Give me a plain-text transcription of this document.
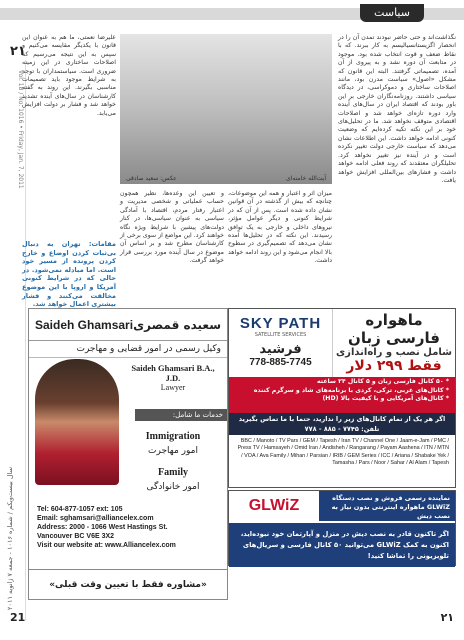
سیاست
۲۱
سال بیست‌ویکم / شماره ۱۰۱۶ - جمعه ۷ ژانویه ۲۰۱۱
Vol. 18 / No. 1016 • Friday, Jan. 7, 2011
نگذاشت‌اند و حتی حاضر نبودند تمدن آن را در انحصار اگزیستانسیالیسم به کار ببرند. که با نقاط ضعف و قوت انتخاب شده بود. موجود در متابعت آن دوره نشد و به پیروی از آن آمده، تصمیماتی گرفتند. البته این قانون که مشکل «اصول» سیاست مدرن بود، مانند اصلاحات ساختاری و دموکراسی، در دیدگاه سیاسی داشتند. روزنامه‌نگاران خارجی بر این باور بودند که اقتصاد ایران در سال‌های آینده وارد دوره تازه‌ای خواهد شد و اصلاحات اقتصادی متوقف نخواهد شد. ما در تحلیل‌های خود بر این نکته تکیه کرده‌ایم که وضعیت کنونی ادامه خواهد داشت. این اطلاعات نشان می‌دهد که سیاست خارجی دولت تغییر نکرده است و در آینده نیز تغییر نخواهد کرد. تحلیلگران معتقدند که روند فعلی ادامه خواهد داشت و فشارهای بین‌المللی افزایش خواهد یافت.
عکس: سعید صادقی	آیت‌الله خامنه‌ای
میزان اثر و اعتبار و همه این موضوعات، چنانچه که بیش از گذشته در آن قوانین نشان داده شده است. پس از آن که در شرایط کنونی و دیگر عوامل مؤثر، نیروهای داخلی و خارجی به یک توافق رسیدند. این نکته که در تحلیل‌ها آمده نشان می‌دهد که تصمیم‌گیری در سطوح بالا انجام می‌شود و این روند ادامه خواهد داشت.
و تعیین این وعده‌ها، نظیر همچون حساب عملیاتی و شخصی مدیریت و اعتبار رفتار مردم، اقتصاد با آمادگی سیاسی به عنوان سیاسی‌ها، در کنار دولت‌های پیشین با شرایط ویژه نگاه خواهند کرد. این مواضع از سوی برخی از کارشناسان مطرح شد و بر اساس آن موضوع در سال آینده مورد بررسی قرار خواهد گرفت.
علیرضا نعمتی، ما هم به عنوان این قانون با یکدیگر مقایسه می‌کنیم و سپس به این نتیجه می‌رسیم که اصلاحات ساختاری در این زمینه ضروری است. سیاستمداران با توجه به شرایط موجود باید تصمیمات مناسبی بگیرند. این روند به گفته کارشناسان در سال‌های آینده تشدید خواهد شد و فشار بر دولت افزایش می‌یابد.
مقامات: تهران به دنبال بی‌ثبات کردن اوضاع و خارج کردن پرونده از مسیر خود است. اما مبادله نمی‌شود. در حالی که در شرایط کنونی آمریکا و اروپا با این موضوع مخالفت می‌کنند و فشار بیشتری اعمال خواهد شد.
Saideh Ghamsari سعیده قمصری
وکیل رسمی در امور قضایی و مهاجرت
Saideh Ghamsari B.A., J.D.
Lawyer
خدمات ما شامل:
Immigration
امور مهاجرت
Family
امور خانوادگی
Tel: 604-877-1057 ext: 105
Email: sghamsari@alliancelex.com
Address: 2000 - 1066 West Hastings St.
Vancouver BC V6E 3X2
Visit our website at: www.Alliancelex.com
«مشاوره فقط با تعیین وقت قبلی»
SKY PATH
SATELLITE SERVICES
فرشید
778-885-7745
ماهواره
فارسی زبان
شامل نصب و راه‌اندازی
فقط ۲۹۹ دلار
* ۵۰ کانال فارسی زبان و ۵ کانال ۲۴ ساعته
* کانال‌های عربی، ترکی، کردی با برنامه‌های شاد و سرگرم کننده
* کانال‌های آمریکایی و با کیفیت بالا (HD)
اگر هر یک از تمام کانال‌های زیر را ندارید، حتما با ما تماس بگیرید
تلفن: ۷۷۴۵ - ۸۸۵ - ۷۷۸
BBC / Manoto / TV Pars / GEM / Tapesh / Iran TV / Channel One / Jaam-e-Jam / PMC / Press TV / Hamsayeh / Omid Iran / Andisheh / Rangarang / Payam Aashena / ITN / MTN / VOA / Ava Family / Mihan / Parsian / IRIB / GEM Series / ICC / Ariana / Shabake Yek / Tamasha / Pars / Noor / Sahar / Al Alam / Tapesh
GLWiZ	نماینده رسمی فروش و نصب دستگاه GLWiZ ماهواره اینترنتی بدون نیاز به نصب دیش
اگر تاکنون قادر به نصب دیش در منزل و آپارتمان خود نبوده‌اید، اکنون به کمک GLWiZ می‌توانید ۵۰ کانال فارسی و سریال‌های تلویزیونی را تماشا کنید!
21	۲۱
